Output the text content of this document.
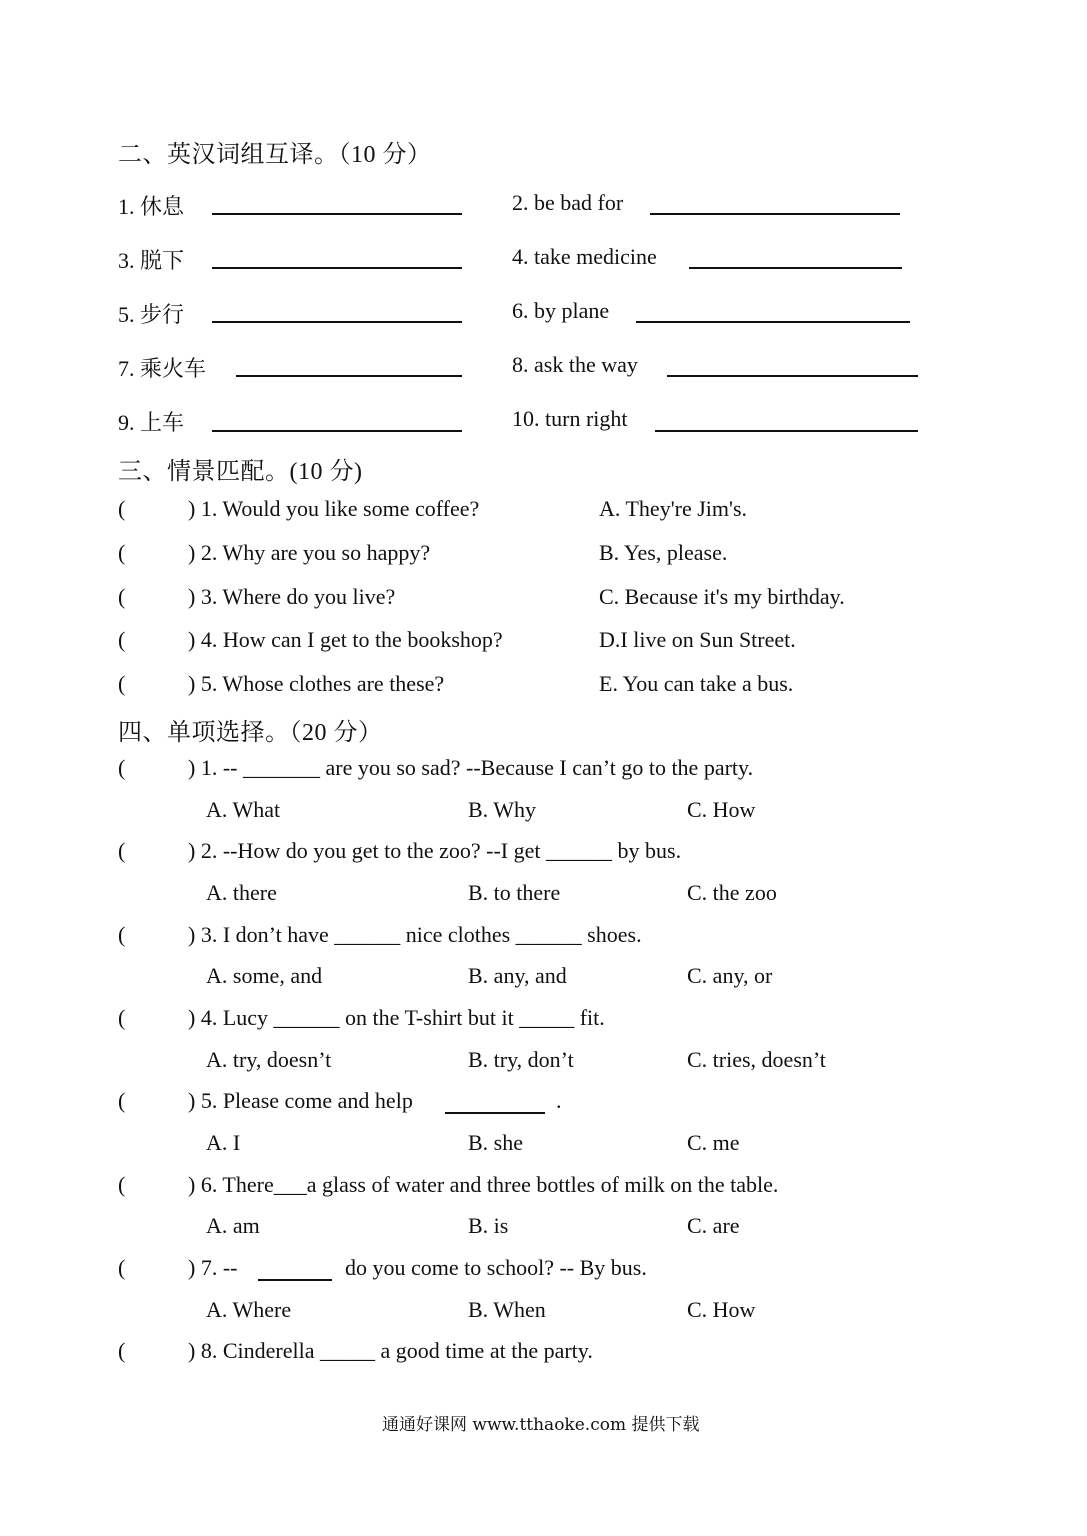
二、英汉词组互译。（10 分）
1. 休息	2. be bad for
3. 脱下	4. take medicine
5. 步行	6. by plane
7. 乘火车	8. ask the way
9. 上车	10. turn right
三、情景匹配。(10 分)
(	) 1. Would you like some coffee?	A. They're Jim's.
(	) 2. Why are you so happy?	B. Yes, please.
(	) 3. Where do you live?	C. Because it's my birthday.
(	) 4. How can I get to the bookshop?	D.I live on Sun Street.
(	) 5. Whose clothes are these?	E. You can take a bus.
四、单项选择。（20 分）
(	) 1. -- _______ are you so sad? --Because I can’t go to the party.
A. What	B. Why	C. How
(	) 2. --How do you get to the zoo? --I get ______ by bus.
A. there	B. to there	C. the zoo
(	) 3. I don’t have ______ nice clothes ______ shoes.
A. some, and	B. any, and	C. any, or
(	) 4. Lucy ______ on the T-shirt but it _____ fit.
A. try, doesn’t	B. try, don’t	C. tries, doesn’t
(	) 5. Please come and help	.
A. I	B. she	C. me
(	) 6. There___a glass of water and three bottles of milk on the table.
A. am	B. is	C. are
(	) 7. --	do you come to school? -- By bus.
A. Where	B. When	C. How
(	) 8. Cinderella _____ a good time at the party.
通通好课网 www.tthaoke.com 提供下载
